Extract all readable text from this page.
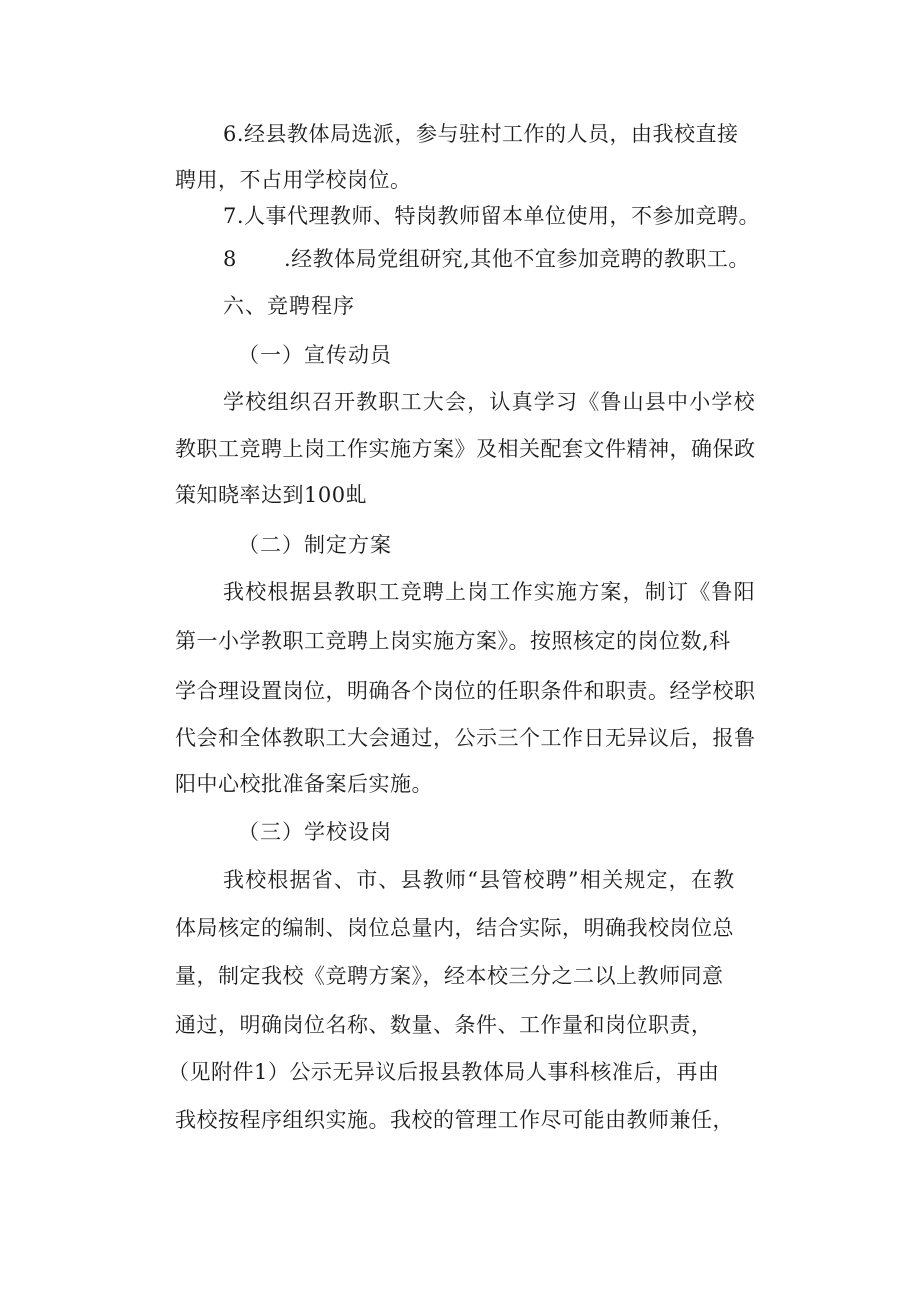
6.经县教体局选派，参与驻村工作的人员，由我校直接
聘用，不占用学校岗位。
7.人事代理教师、特岗教师留本单位使用，不参加竞聘。
8 .经教体局党组研究,其他不宜参加竞聘的教职工。
六、竞聘程序
（一）宣传动员
学校组织召开教职工大会，认真学习《鲁山县中小学校
教职工竞聘上岗工作实施方案》及相关配套文件精神，确保政
策知晓率达到100虬
（二）制定方案
我校根据县教职工竞聘上岗工作实施方案，制订《鲁阳
第一小学教职工竞聘上岗实施方案》。按照核定的岗位数,科
学合理设置岗位，明确各个岗位的任职条件和职责。经学校职
代会和全体教职工大会通过，公示三个工作日无异议后，报鲁
阳中心校批准备案后实施。
（三）学校设岗
我校根据省、市、县教师“县管校聘”相关规定，在教
体局核定的编制、岗位总量内，结合实际，明确我校岗位总
量，制定我校《竞聘方案》，经本校三分之二以上教师同意
通过，明确岗位名称、数量、条件、工作量和岗位职责，
（见附件1）公示无异议后报县教体局人事科核准后，再由
我校按程序组织实施。我校的管理工作尽可能由教师兼任，
